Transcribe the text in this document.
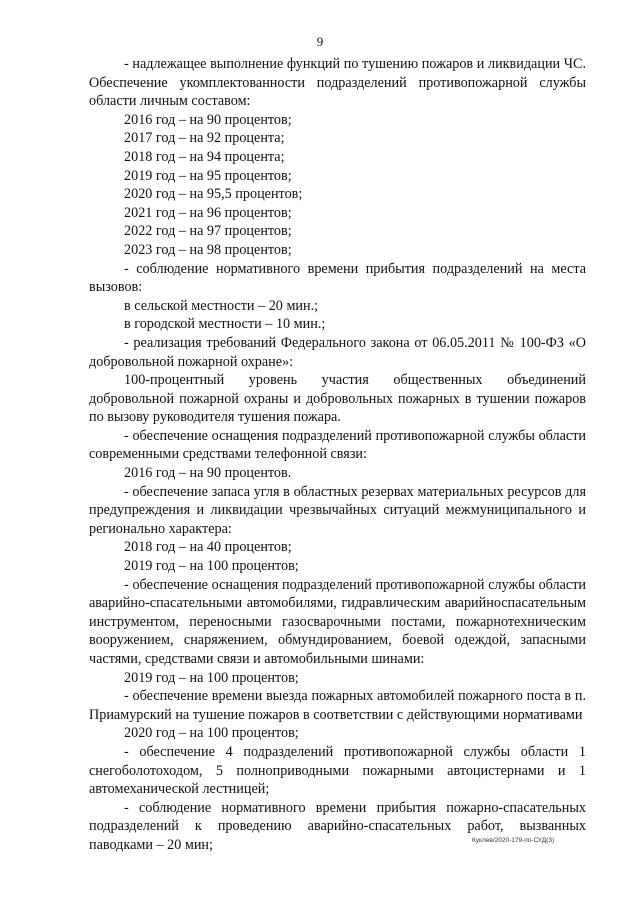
9

- надлежащее выполнение функций по тушению пожаров и ликвидации ЧС. Обеспечение укомплектованности подразделений противопожарной службы области личным составом:

2016 год – на 90 процентов;

2017 год – на 92 процента;

2018 год – на 94 процента;

2019 год – на 95 процентов;

2020 год – на 95,5 процентов;

2021 год – на 96 процентов;

2022 год – на 97 процентов;

2023 год – на 98 процентов;

- соблюдение нормативного времени прибытия подразделений на места вызовов:

в сельской местности – 20 мин.;

в городской местности – 10 мин.;

- реализация требований Федерального закона от 06.05.2011 № 100-ФЗ «О добровольной пожарной охране»:

100-процентный уровень участия общественных объединений добровольной пожарной охраны и добровольных пожарных в тушении пожаров по вызову руководителя тушения пожара.

- обеспечение оснащения подразделений противопожарной службы области современными средствами телефонной связи:

2016 год – на 90 процентов.

- обеспечение запаса угля в областных резервах материальных ресурсов для предупреждения и ликвидации чрезвычайных ситуаций межмуниципального и регионально характера:

2018 год – на 40 процентов;

2019 год – на 100 процентов;

- обеспечение оснащения подразделений противопожарной службы области аварийно-спасательными автомобилями, гидравлическим аварийноспасательным инструментом, переносными газосварочными постами, пожарнотехническим вооружением, снаряжением, обмундированием, боевой одеждой, запасными частями, средствами связи и автомобильными шинами:

2019 год – на 100 процентов;

- обеспечение времени выезда пожарных автомобилей пожарного поста в п. Приамурский на тушение пожаров в соответствии с действующими нормативами

2020 год – на 100 процентов;

- обеспечение 4 подразделений противопожарной службы области 1 снегоболотоходом, 5 полноприводными пожарными автоцистернами и 1 автомеханической лестницей;

- соблюдение нормативного времени прибытия пожарно-спасательных подразделений к проведению аварийно-спасательных работ, вызванных паводками – 20 мин;	Куклев/2020-179-пп-СУД(3)
